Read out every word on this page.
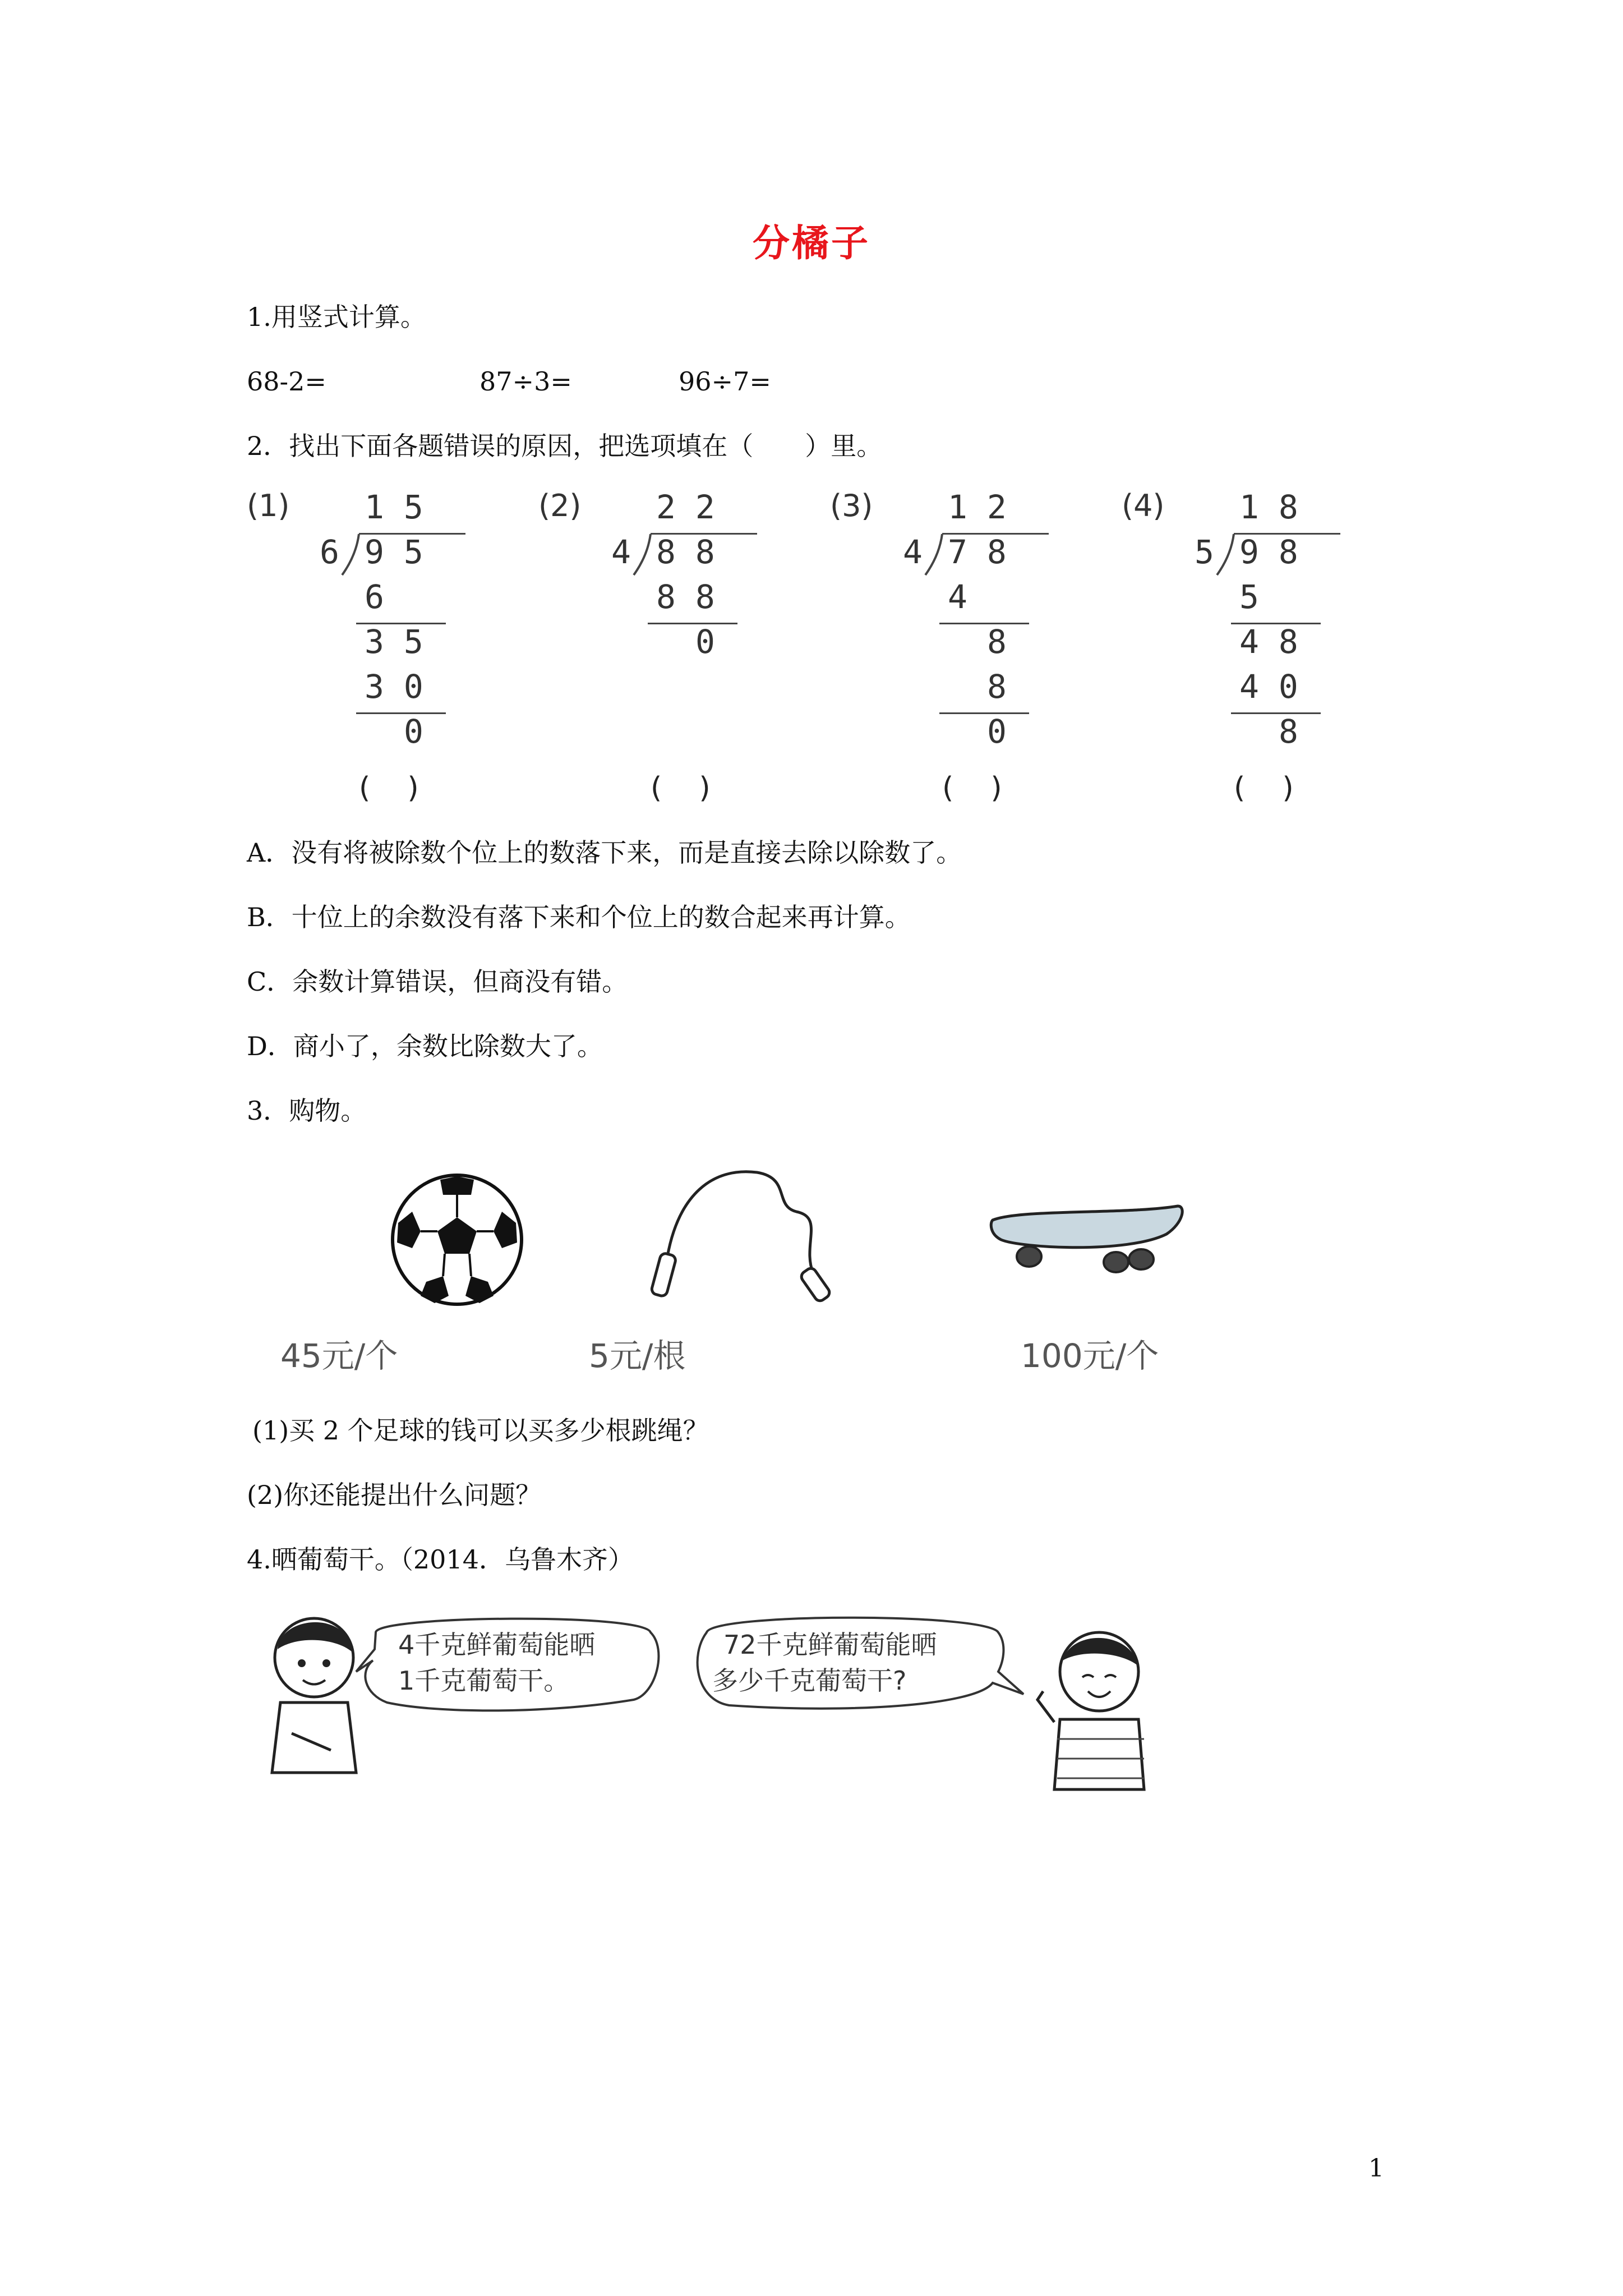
分橘子
1.用竖式计算。
68-2=	87÷3=	96÷7=
2．找出下面各题错误的原因，把选项填在（　　）里。
(1) 1 5
6 9 5
6
3 5
3 0
0
(    )
(2) 2 2
4 8 8
8 8
0
(    )
(3) 1 2
4 7 8
4
8
8
0
(    )
(4) 1 8
5 9 8
5
4 8
4 0
8
(    )
A．没有将被除数个位上的数落下来，而是直接去除以除数了。
B．十位上的余数没有落下来和个位上的数合起来再计算。
C．余数计算错误，但商没有错。
D．商小了，余数比除数大了。
3．购物。
45元/个	5元/根	100元/个
(1)买 2 个足球的钱可以买多少根跳绳？
(2)你还能提出什么问题？
4.晒葡萄干。（2014．乌鲁木齐）
4千克鲜葡萄能晒
1千克葡萄干。
72千克鲜葡萄能晒
多少千克葡萄干?
1
